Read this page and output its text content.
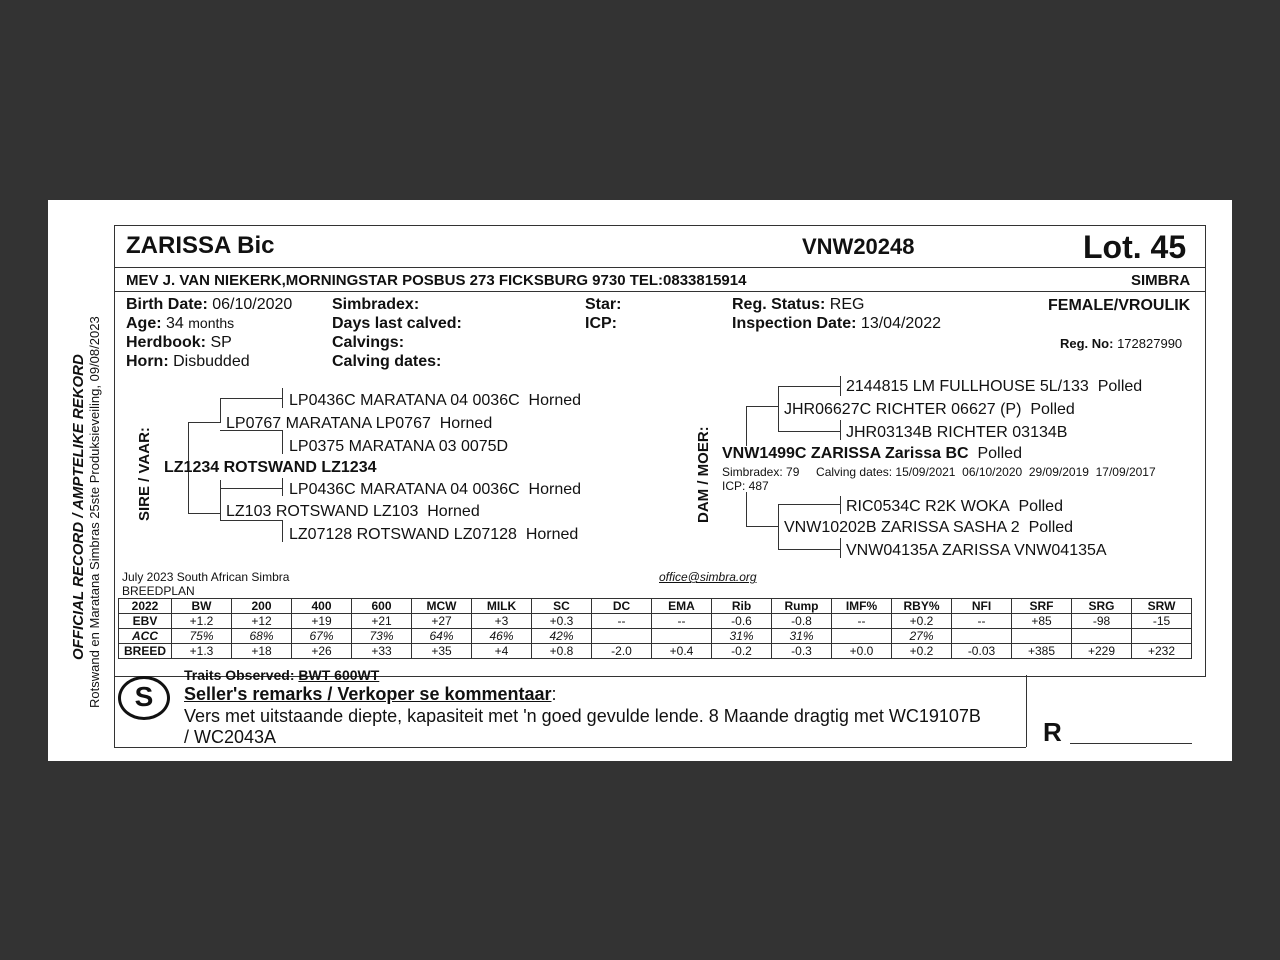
OFFICIAL RECORD / AMPTELIKE REKORD Rotswand en Maratana Simbras 25ste Produksieveiling, 09/08/2023
ZARISSA Bic	VNW20248	Lot. 45
MEV J. VAN NIEKERK,MORNINGSTAR POSBUS 273 FICKSBURG 9730 TEL:0833815914	SIMBRA
Birth Date: 06/10/2020
Age: 34 months
Herdbook: SP
Horn: Disbudded
Simbradex:
Days last calved:
Calvings:
Calving dates:
Star:
ICP:
Reg. Status: REG
Inspection Date: 13/04/2022
FEMALE/VROULIK
Reg. No: 172827990
SIRE / VAAR:
LP0436C MARATANA 04 0036C Horned
LP0767 MARATANA LP0767 Horned
LP0375 MARATANA 03 0075D
LZ1234 ROTSWAND LZ1234
LP0436C MARATANA 04 0036C Horned
LZ103 ROTSWAND LZ103 Horned
LZ07128 ROTSWAND LZ07128 Horned
DAM / MOER:
2144815 LM FULLHOUSE 5L/133 Polled
JHR06627C RICHTER 06627 (P) Polled
JHR03134B RICHTER 03134B
VNW1499C ZARISSA Zarissa BC Polled
Simbradex: 79     Calving dates: 15/09/2021  06/10/2020  29/09/2019  17/09/2017
ICP: 487
RIC0534C R2K WOKA Polled
VNW10202B ZARISSA SASHA 2 Polled
VNW04135A ZARISSA VNW04135A
July 2023 South African Simbra
BREEDPLAN
office@simbra.org
2022	BW	200	400	600	MCW	MILK	SC	DC	EMA	Rib	Rump	IMF%	RBY%	NFI	SRF	SRG	SRW
EBV	+1.2	+12	+19	+21	+27	+3	+0.3	--	--	-0.6	-0.8	--	+0.2	--	+85	-98	-15
ACC	75%	68%	67%	73%	64%	46%	42%			31%	31%		27%				
BREED	+1.3	+18	+26	+33	+35	+4	+0.8	-2.0	+0.4	-0.2	-0.3	+0.0	+0.2	-0.03	+385	+229	+232
Traits Observed: BWT 600WT
S	Seller's remarks / Verkoper se kommentaar:
Vers met uitstaande diepte, kapasiteit met 'n goed gevulde lende. 8 Maande dragtig met WC19107B
/ WC2043A	R
